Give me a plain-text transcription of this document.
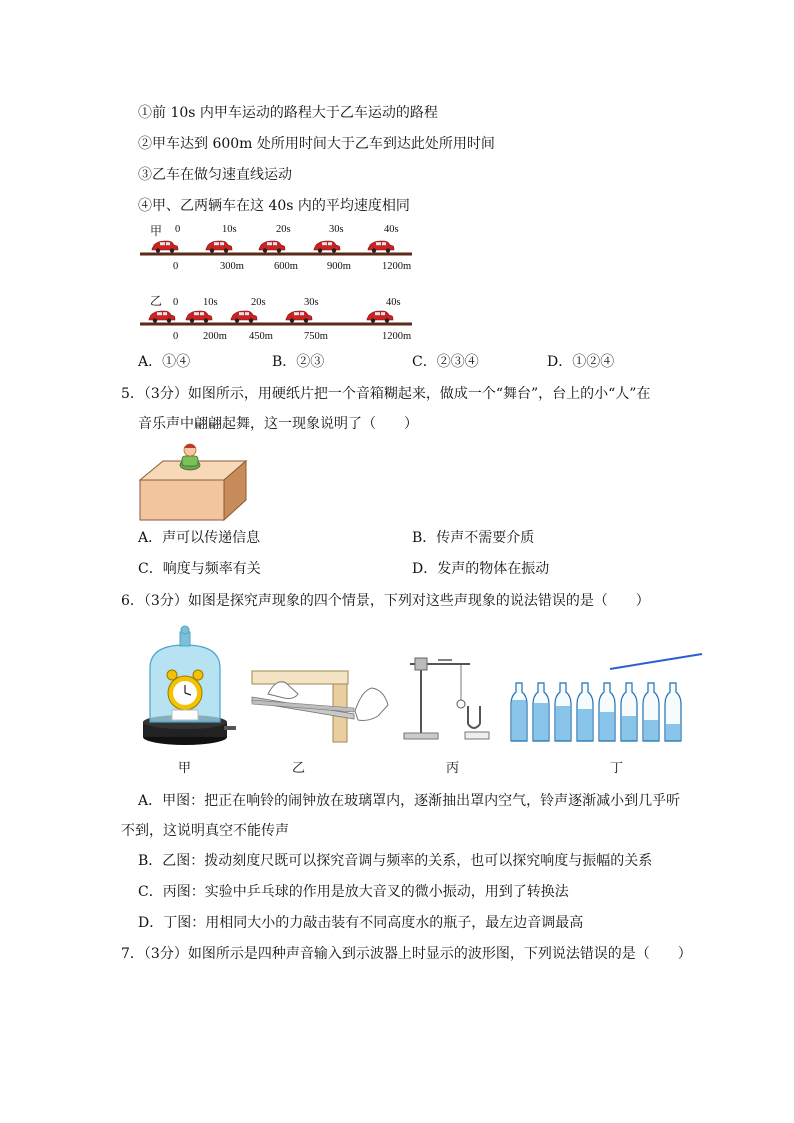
①前 10s 内甲车运动的路程大于乙车运动的路程
②甲车达到 600m 处所用时间大于乙车到达此处所用时间
③乙车在做匀速直线运动
④甲、乙两辆车在这 40s 内的平均速度相同
甲 0	10s	20s	30s	40s
0	300m	600m	900m	1200m
乙 0 10s	20s	30s	40s
0 200m 450m	750m	1200m
A．①④	B．②③	C．②③④	D．①②④
5．（3分）如图所示，用硬纸片把一个音箱糊起来，做成一个“舞台”，台上的小“人”在
音乐声中翩翩起舞，这一现象说明了（　　）
A．声可以传递信息	B．传声不需要介质
C．响度与频率有关	D．发声的物体在振动
6．（3分）如图是探究声现象的四个情景，下列对这些声现象的说法错误的是（　　）
甲	乙	丙	丁
A．甲图：把正在响铃的闹钟放在玻璃罩内，逐渐抽出罩内空气，铃声逐渐减小到几乎听
不到，这说明真空不能传声
B．乙图：拨动刻度尺既可以探究音调与频率的关系，也可以探究响度与振幅的关系
C．丙图：实验中乒乓球的作用是放大音叉的微小振动，用到了转换法
D．丁图：用相同大小的力敲击装有不同高度水的瓶子，最左边音调最高
7．（3分）如图所示是四种声音输入到示波器上时显示的波形图，下列说法错误的是（　　）
